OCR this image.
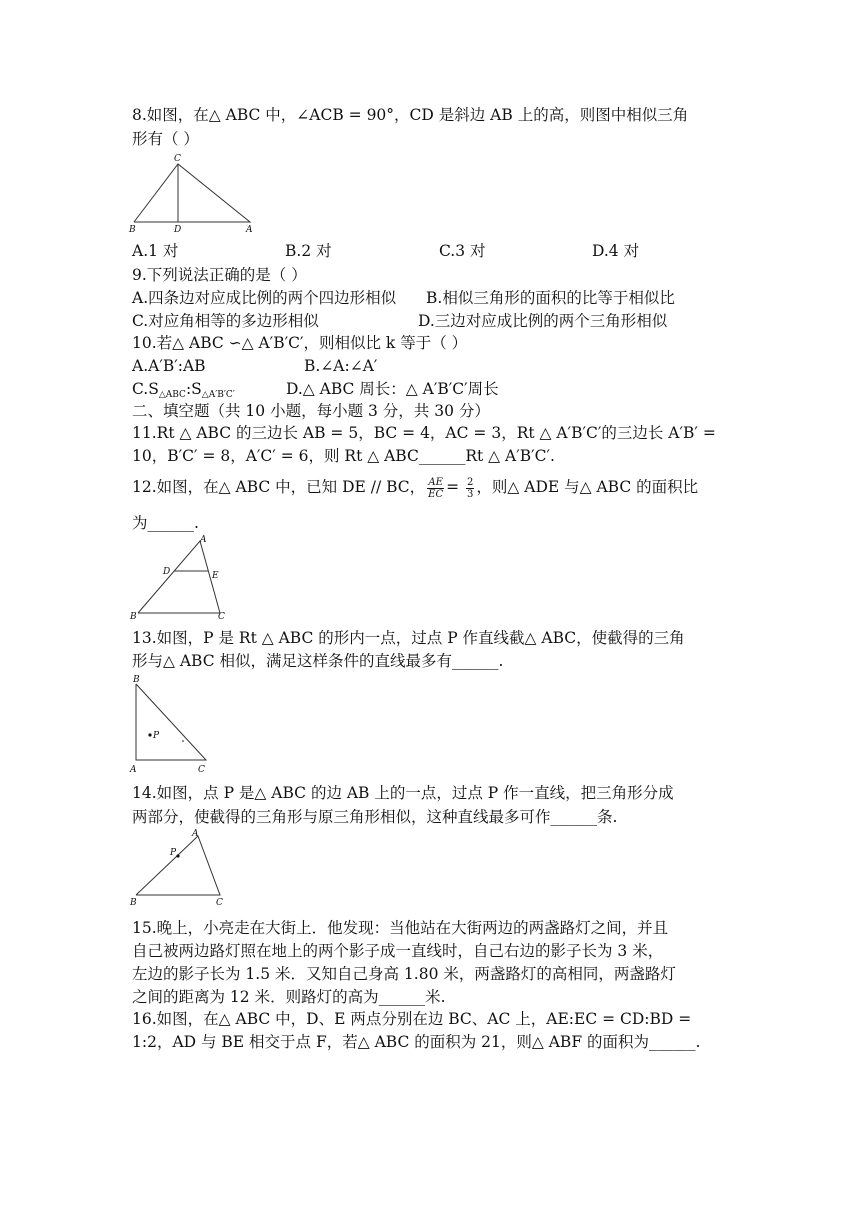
8.如图，在△ ABC 中，∠ACB = 90°，CD 是斜边 AB 上的高，则图中相似三角
形有（ ）
C
B	D	A
A.1 对	B.2 对	C.3 对	D.4 对
9.下列说法正确的是（ ）
A.四条边对应成比例的两个四边形相似 B.相似三角形的面积的比等于相似比
C.对应角相等的多边形相似	D.三边对应成比例的两个三角形相似
10.若△ ABC ∽△ A′B′C′，则相似比 k 等于（ ）
A.A′B′:AB	B.∠A:∠A′
$C.S_{\triangle ABC}:S_{\triangle A'B'C'}$	D.△ ABC 周长：△ A′B′C′周长
二、填空题（共 10 小题，每小题 3 分，共 30 分）
11.Rt △ ABC 的三边长 AB = 5，BC = 4，AC = 3，Rt △ A′B′C′的三边长 A′B′ =
10，B′C′ = 8，A′C′ = 6，则 Rt △ ABC______Rt △ A′B′C′.
12.如图，在△ ABC 中，已知 DE // BC， $\frac{AE}{EC} = \frac{2}{3}$ ，则△ ADE 与△ ABC 的面积比
为______.
A
D	E
B	C
13.如图，P 是 Rt △ ABC 的形内一点，过点 P 作直线截△ ABC，使截得的三角
形与△ ABC 相似，满足这样条件的直线最多有______.
B
P
A	C
14.如图，点 P 是△ ABC 的边 AB 上的一点，过点 P 作一直线，把三角形分成
两部分，使截得的三角形与原三角形相似，这种直线最多可作______条.
A
P
B	C
15.晚上，小亮走在大街上．他发现：当他站在大街两边的两盏路灯之间，并且
自己被两边路灯照在地上的两个影子成一直线时，自己右边的影子长为 3 米，
左边的影子长为 1.5 米．又知自己身高 1.80 米，两盏路灯的高相同，两盏路灯
之间的距离为 12 米．则路灯的高为______米.
16.如图，在△ ABC 中，D、E 两点分别在边 BC、AC 上，AE:EC = CD:BD =
1:2，AD 与 BE 相交于点 F，若△ ABC 的面积为 21，则△ ABF 的面积为______.
